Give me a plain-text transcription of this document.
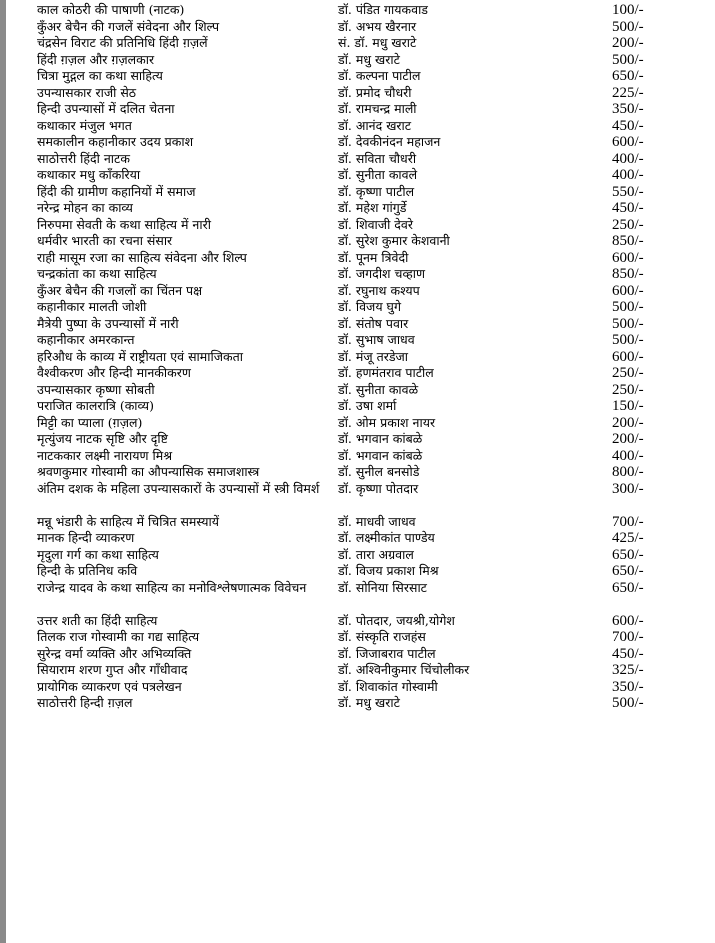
काल कोठरी की पाषाणी (नाटक)	डॉ. पंडित गायकवाड	100/-
कुँअर बेचैन की गजलें संवेदना और शिल्प	डॉ. अभय खैरनार	500/-
चंद्रसेन विराट की प्रतिनिधि हिंदी ग़ज़लें	सं. डॉ. मधु खराटे	200/-
हिंदी ग़ज़ल और ग़ज़लकार	डॉ. मधु खराटे	500/-
चित्रा मुद्गल का कथा साहित्य	डॉ. कल्पना पाटील	650/-
उपन्यासकार राजी सेठ	डॉ. प्रमोद चौधरी	225/-
हिन्दी उपन्यासों में दलित चेतना	डॉ. रामचन्द्र माली	350/-
कथाकार मंजुल भगत	डॉ. आनंद खराट	450/-
समकालीन कहानीकार उदय प्रकाश	डॉ. देवकीनंदन महाजन	600/-
साठोत्तरी हिंदी नाटक	डॉ. सविता चौधरी	400/-
कथाकार मधु काँकरिया	डॉ. सुनीता कावले	400/-
हिंदी की ग्रामीण कहानियों में समाज	डॉ. कृष्णा पाटील	550/-
नरेन्द्र मोहन का काव्य	डॉ. महेश गांगुर्डे	450/-
निरुपमा सेवती के कथा साहित्य में नारी	डॉ. शिवाजी देवरे	250/-
धर्मवीर भारती का रचना संसार	डॉ. सुरेश कुमार केशवानी	850/-
राही मासूम रजा का साहित्य संवेदना और शिल्प	डॉ. पूनम त्रिवेदी	600/-
चन्द्रकांता का कथा साहित्य	डॉ. जगदीश चव्हाण	850/-
कुँअर बेचैन की गजलों का चिंतन पक्ष	डॉ. रघुनाथ कश्यप	600/-
कहानीकार मालती जोशी	डॉ. विजय घुगे	500/-
मैत्रेयी पुष्पा के उपन्यासों में नारी	डॉ. संतोष पवार	500/-
कहानीकार अमरकान्त	डॉ. सुभाष जाधव	500/-
हरिऔध के काव्य में राष्ट्रीयता एवं सामाजिकता	डॉ. मंजू तरडेजा	600/-
वैश्वीकरण और हिन्दी मानकीकरण	डॉ. हणमंतराव पाटील	250/-
उपन्यासकार कृष्णा सोबती	डॉ. सुनीता कावळे	250/-
पराजित कालरात्रि (काव्य)	डॉ. उषा शर्मा	150/-
मिट्टी का प्याला (ग़ज़ल)	डॉ. ओम प्रकाश नायर	200/-
मृत्युंजय नाटक सृष्टि और दृष्टि	डॉ. भगवान कांबळे	200/-
नाटककार लक्ष्मी नारायण मिश्र	डॉ. भगवान कांबळे	400/-
श्रवणकुमार गोस्वामी का औपन्यासिक समाजशास्त्र	डॉ. सुनील बनसोडे	800/-
अंतिम दशक के महिला उपन्यासकारों के उपन्यासों में स्त्री विमर्श	डॉ. कृष्णा पोतदार	300/-
मन्नू भंडारी के साहित्य में चित्रित समस्यायें	डॉ. माधवी जाधव	700/-
मानक हिन्दी व्याकरण	डॉ. लक्ष्मीकांत पाण्डेय	425/-
मृदुला गर्ग का कथा साहित्य	डॉ. तारा अग्रवाल	650/-
हिन्दी के प्रतिनिध कवि	डॉ. विजय प्रकाश मिश्र	650/-
राजेन्द्र यादव के कथा साहित्य का मनोविश्लेषणात्मक विवेचन	डॉ. सोनिया सिरसाट	650/-
उत्तर शती का हिंदी साहित्य	डॉ. पोतदार, जयश्री,योगेश	600/-
तिलक राज गोस्वामी का गद्य साहित्य	डॉ. संस्कृति राजहंस	700/-
सुरेन्द्र वर्मा व्यक्ति और अभिव्यक्ति	डॉ. जिजाबराव पाटील	450/-
सियाराम शरण गुप्त और गाँधीवाद	डॉ. अश्विनीकुमार चिंचोलीकर	325/-
प्रायोगिक व्याकरण एवं पत्रलेखन	डॉ. शिवाकांत गोस्वामी	350/-
साठोत्तरी हिन्दी ग़ज़ल	डॉ. मधु खराटे	500/-
